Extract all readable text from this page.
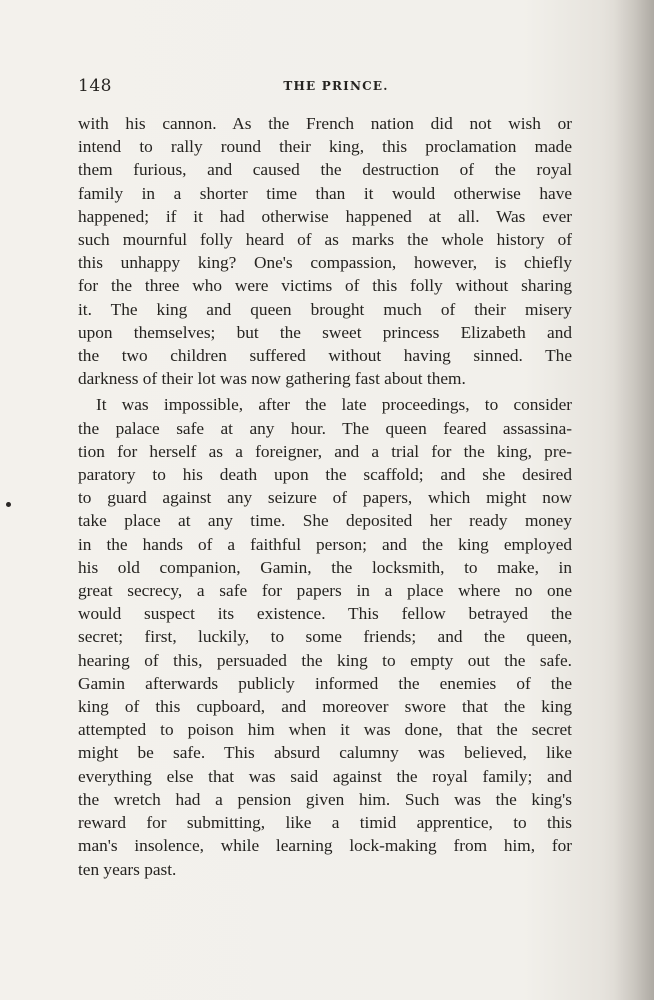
148	THE PRINCE.
with his cannon. As the French nation did not wish or
intend to rally round their king, this proclamation made
them furious, and caused the destruction of the royal
family in a shorter time than it would otherwise have
happened; if it had otherwise happened at all. Was ever
such mournful folly heard of as marks the whole history of
this unhappy king? One's compassion, however, is chiefly
for the three who were victims of this folly without sharing
it. The king and queen brought much of their misery
upon themselves; but the sweet princess Elizabeth and
the two children suffered without having sinned. The
darkness of their lot was now gathering fast about them.
It was impossible, after the late proceedings, to consider
the palace safe at any hour. The queen feared assassina-
tion for herself as a foreigner, and a trial for the king, pre-
paratory to his death upon the scaffold; and she desired
to guard against any seizure of papers, which might now
take place at any time. She deposited her ready money
in the hands of a faithful person; and the king employed
his old companion, Gamin, the locksmith, to make, in
great secrecy, a safe for papers in a place where no one
would suspect its existence. This fellow betrayed the
secret; first, luckily, to some friends; and the queen,
hearing of this, persuaded the king to empty out the safe.
Gamin afterwards publicly informed the enemies of the
king of this cupboard, and moreover swore that the king
attempted to poison him when it was done, that the secret
might be safe. This absurd calumny was believed, like
everything else that was said against the royal family; and
the wretch had a pension given him. Such was the king's
reward for submitting, like a timid apprentice, to this
man's insolence, while learning lock-making from him, for
ten years past.
